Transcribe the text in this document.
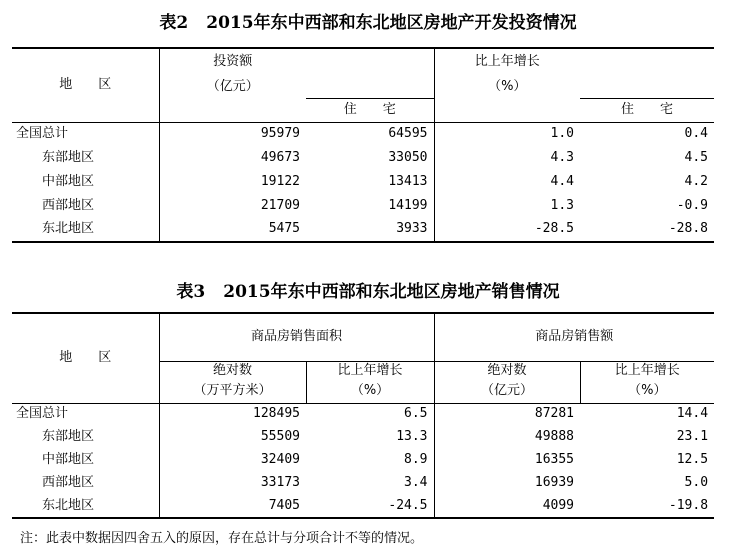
表2 2015年东中西部和东北地区房地产开发投资情况
地　　区	投资额		比上年增长	
	（亿元）		（%）	
		住　　宅		住　　宅
全国总计	95979	64595	1.0	0.4
东部地区	49673	33050	4.3	4.5
中部地区	19122	13413	4.4	4.2
西部地区	21709	14199	1.3	-0.9
东北地区	5475	3933	-28.5	-28.8
表3 2015年东中西部和东北地区房地产销售情况
地　　区	商品房销售面积		商品房销售额	
	绝对数	比上年增长	绝对数	比上年增长
	（万平方米）	（%）	（亿元）	（%）
全国总计	128495	6.5	87281	14.4
东部地区	55509	13.3	49888	23.1
中部地区	32409	8.9	16355	12.5
西部地区	33173	3.4	16939	5.0
东北地区	7405	-24.5	4099	-19.8
注：此表中数据因四舍五入的原因，存在总计与分项合计不等的情况。
